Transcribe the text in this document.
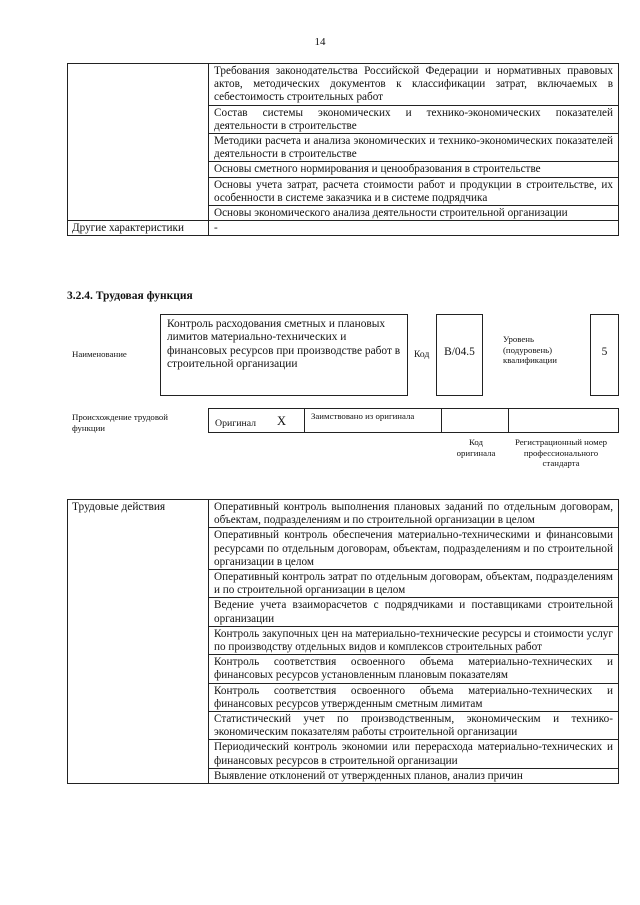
14
	Требования законодательства Российской Федерации и нормативных правовых актов, методических документов к классификации затрат, включаемых в себестоимость строительных работ
	Состав системы экономических и технико-экономических показателей деятельности в строительстве
	Методики расчета и анализа экономических и технико-экономических показателей деятельности в строительстве
	Основы сметного нормирования и ценообразования в строительстве
	Основы учета затрат, расчета стоимости работ и продукции в строительстве, их особенности в системе заказчика и в системе подрядчика
	Основы экономического анализа деятельности строительной организации
Другие характеристики	-
3.2.4. Трудовая функция
Наименование
Контроль расходования сметных и плановых лимитов материально-технических и финансовых ресурсов при производстве работ в строительной организации
Код	В/04.5
Уровень (подуровень) квалификации
5
Происхождение трудовой функции	Оригинал X	Заимствовано из оригинала
Код оригинала
Регистрационный номер профессионального стандарта
Трудовые действия	Оперативный контроль выполнения плановых заданий по отдельным договорам, объектам, подразделениям и по строительной организации в целом
Оперативный контроль обеспечения материально-техническими и финансовыми ресурсами по отдельным договорам, объектам, подразделениям и по строительной организации в целом
Оперативный контроль затрат по отдельным договорам, объектам, подразделениям и по строительной организации в целом
Ведение учета взаиморасчетов с подрядчиками и поставщиками строительной организации
Контроль закупочных цен на материально-технические ресурсы и стоимости услуг по производству отдельных видов и комплексов строительных работ
Контроль соответствия освоенного объема материально-технических и финансовых ресурсов установленным плановым показателям
Контроль соответствия освоенного объема материально-технических и финансовых ресурсов утвержденным сметным лимитам
Статистический учет по производственным, экономическим и технико-экономическим показателям работы строительной организации
Периодический контроль экономии или перерасхода материально-технических и финансовых ресурсов в строительной организации
Выявление отклонений от утвержденных планов, анализ причин
